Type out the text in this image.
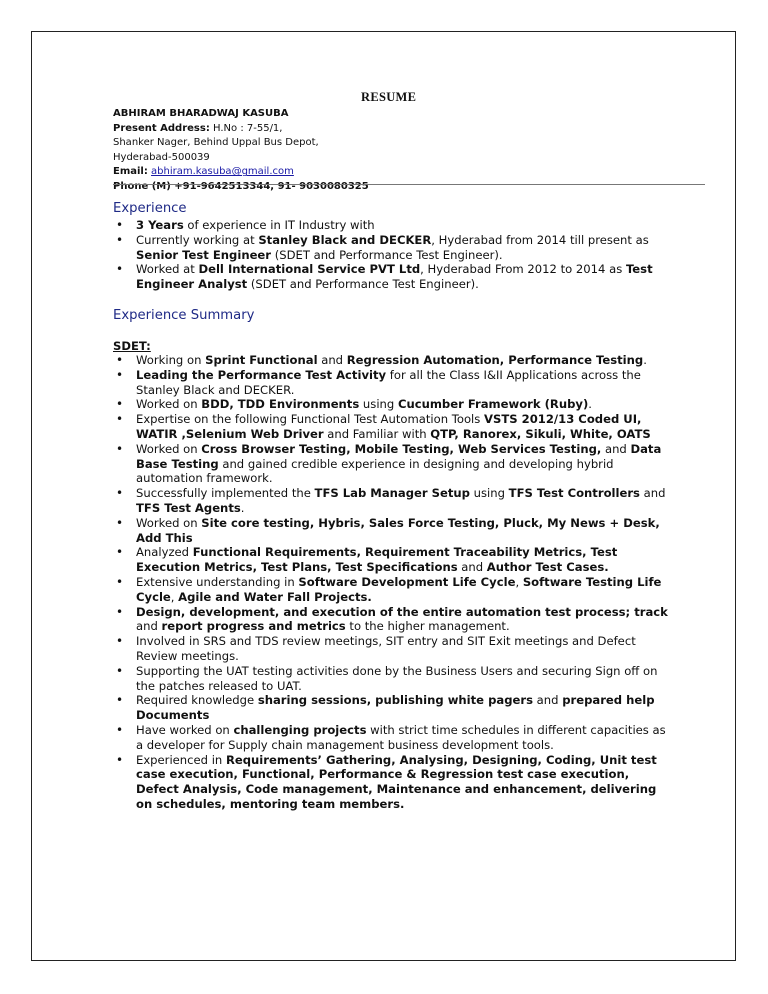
RESUME
ABHIRAM BHARADWAJ KASUBA
Present Address: H.No : 7-55/1,
Shanker Nager, Behind Uppal Bus Depot,
Hyderabad-500039
Email: abhiram.kasuba@gmail.com
Phone (M) +91-9642513344, 91- 9030080325
Experience
• 3 Years of experience in IT Industry with
• Currently working at Stanley Black and DECKER, Hyderabad from 2014 till present as Senior Test Engineer (SDET and Performance Test Engineer).
• Worked at Dell International Service PVT Ltd, Hyderabad From 2012 to 2014 as Test Engineer Analyst (SDET and Performance Test Engineer).
Experience Summary
SDET:
• Working on Sprint Functional and Regression Automation, Performance Testing.
• Leading the Performance Test Activity for all the Class I&II Applications across the Stanley Black and DECKER.
• Worked on BDD, TDD Environments using Cucumber Framework (Ruby).
• Expertise on the following Functional Test Automation Tools VSTS 2012/13 Coded UI, WATIR ,Selenium Web Driver and Familiar with QTP, Ranorex, Sikuli, White, OATS
• Worked on Cross Browser Testing, Mobile Testing, Web Services Testing, and Data Base Testing and gained credible experience in designing and developing hybrid automation framework.
• Successfully implemented the TFS Lab Manager Setup using TFS Test Controllers and TFS Test Agents.
• Worked on Site core testing, Hybris, Sales Force Testing, Pluck, My News + Desk, Add This
• Analyzed Functional Requirements, Requirement Traceability Metrics, Test Execution Metrics, Test Plans, Test Specifications and Author Test Cases.
• Extensive understanding in Software Development Life Cycle, Software Testing Life Cycle, Agile and Water Fall Projects.
• Design, development, and execution of the entire automation test process; track and report progress and metrics to the higher management.
• Involved in SRS and TDS review meetings, SIT entry and SIT Exit meetings and Defect Review meetings.
• Supporting the UAT testing activities done by the Business Users and securing Sign off on the patches released to UAT.
• Required knowledge sharing sessions, publishing white pagers and prepared help Documents
• Have worked on challenging projects with strict time schedules in different capacities as a developer for Supply chain management business development tools.
• Experienced in Requirements’ Gathering, Analysing, Designing, Coding, Unit test case execution, Functional, Performance & Regression test case execution, Defect Analysis, Code management, Maintenance and enhancement, delivering on schedules, mentoring team members.
